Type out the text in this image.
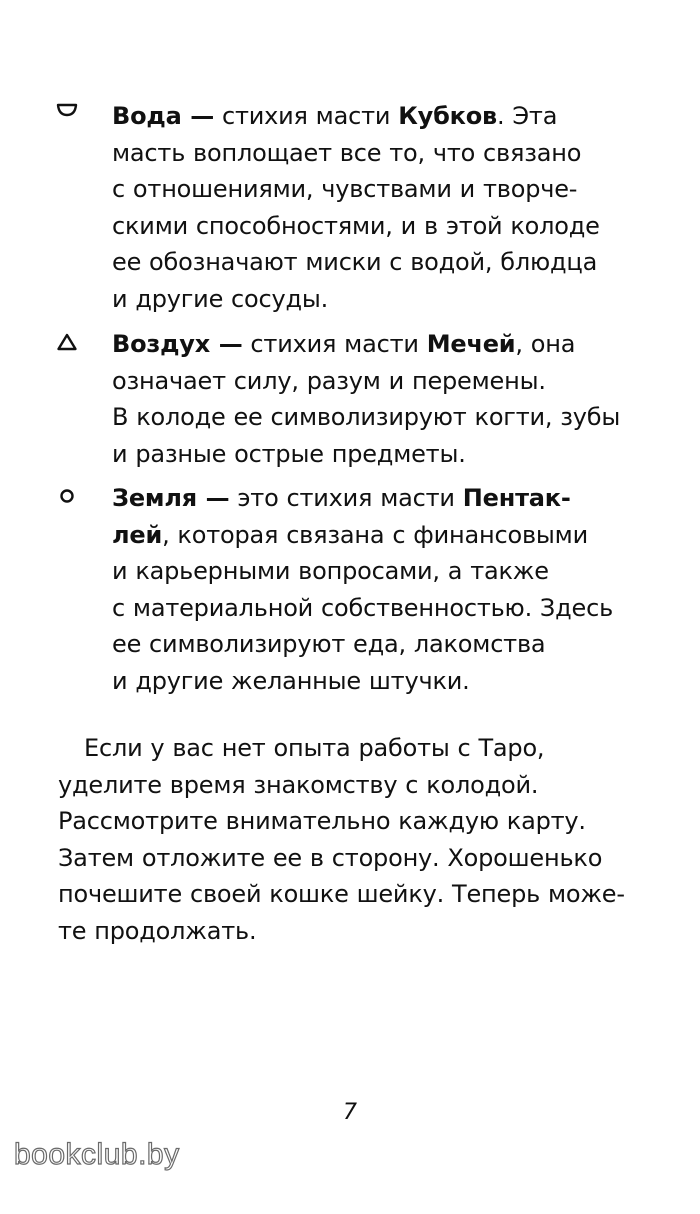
Вода — стихия масти Кубков. Эта
масть воплощает все то, что связано
с отношениями, чувствами и творче-
скими способностями, и в этой колоде
ее обозначают миски с водой, блюдца
и другие сосуды.

Воздух — стихия масти Мечей, она
означает силу, разум и перемены.
В колоде ее символизируют когти, зубы
и разные острые предметы.

Земля — это стихия масти Пентак-
лей, которая связана с финансовыми
и карьерными вопросами, а также
с материальной собственностью. Здесь
ее символизируют еда, лакомства
и другие желанные штучки.

Если у вас нет опыта работы с Таро,
уделите время знакомству с колодой.
Рассмотрите внимательно каждую карту.
Затем отложите ее в сторону. Хорошенько
почешите своей кошке шейку. Теперь може-
те продолжать.

7

bookclub.by
